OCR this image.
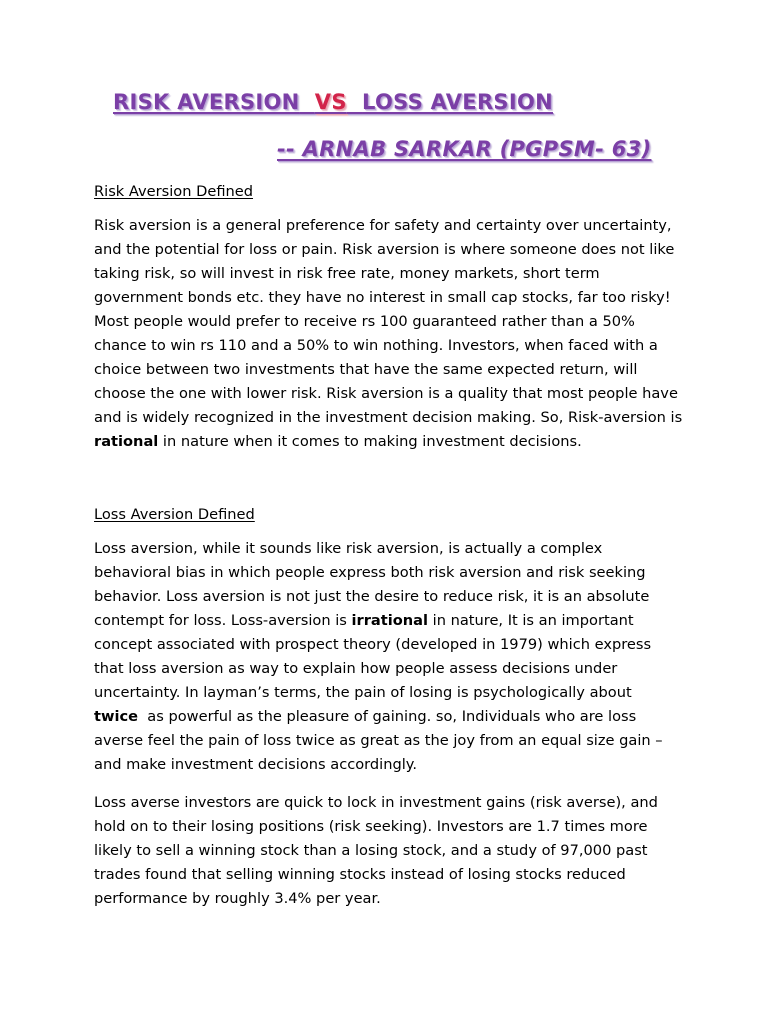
RISK AVERSION VS LOSS AVERSION
-- ARNAB SARKAR (PGPSM- 63)
Risk Aversion Defined

Risk aversion is a general preference for safety and certainty over uncertainty,
and the potential for loss or pain. Risk aversion is where someone does not like
taking risk, so will invest in risk free rate, money markets, short term
government bonds etc. they have no interest in small cap stocks, far too risky!
Most people would prefer to receive rs 100 guaranteed rather than a 50%
chance to win rs 110 and a 50% to win nothing. Investors, when faced with a
choice between two investments that have the same expected return, will
choose the one with lower risk. Risk aversion is a quality that most people have
and is widely recognized in the investment decision making. So, Risk-aversion is
rational in nature when it comes to making investment decisions.

Loss Aversion Defined

Loss aversion, while it sounds like risk aversion, is actually a complex
behavioral bias in which people express both risk aversion and risk seeking
behavior. Loss aversion is not just the desire to reduce risk, it is an absolute
contempt for loss. Loss-aversion is irrational in nature, It is an important
concept associated with prospect theory (developed in 1979) which express
that loss aversion as way to explain how people assess decisions under
uncertainty. In layman’s terms, the pain of losing is psychologically about
twice  as powerful as the pleasure of gaining. so, Individuals who are loss
averse feel the pain of loss twice as great as the joy from an equal size gain –
and make investment decisions accordingly.

Loss averse investors are quick to lock in investment gains (risk averse), and
hold on to their losing positions (risk seeking). Investors are 1.7 times more
likely to sell a winning stock than a losing stock, and a study of 97,000 past
trades found that selling winning stocks instead of losing stocks reduced
performance by roughly 3.4% per year.
